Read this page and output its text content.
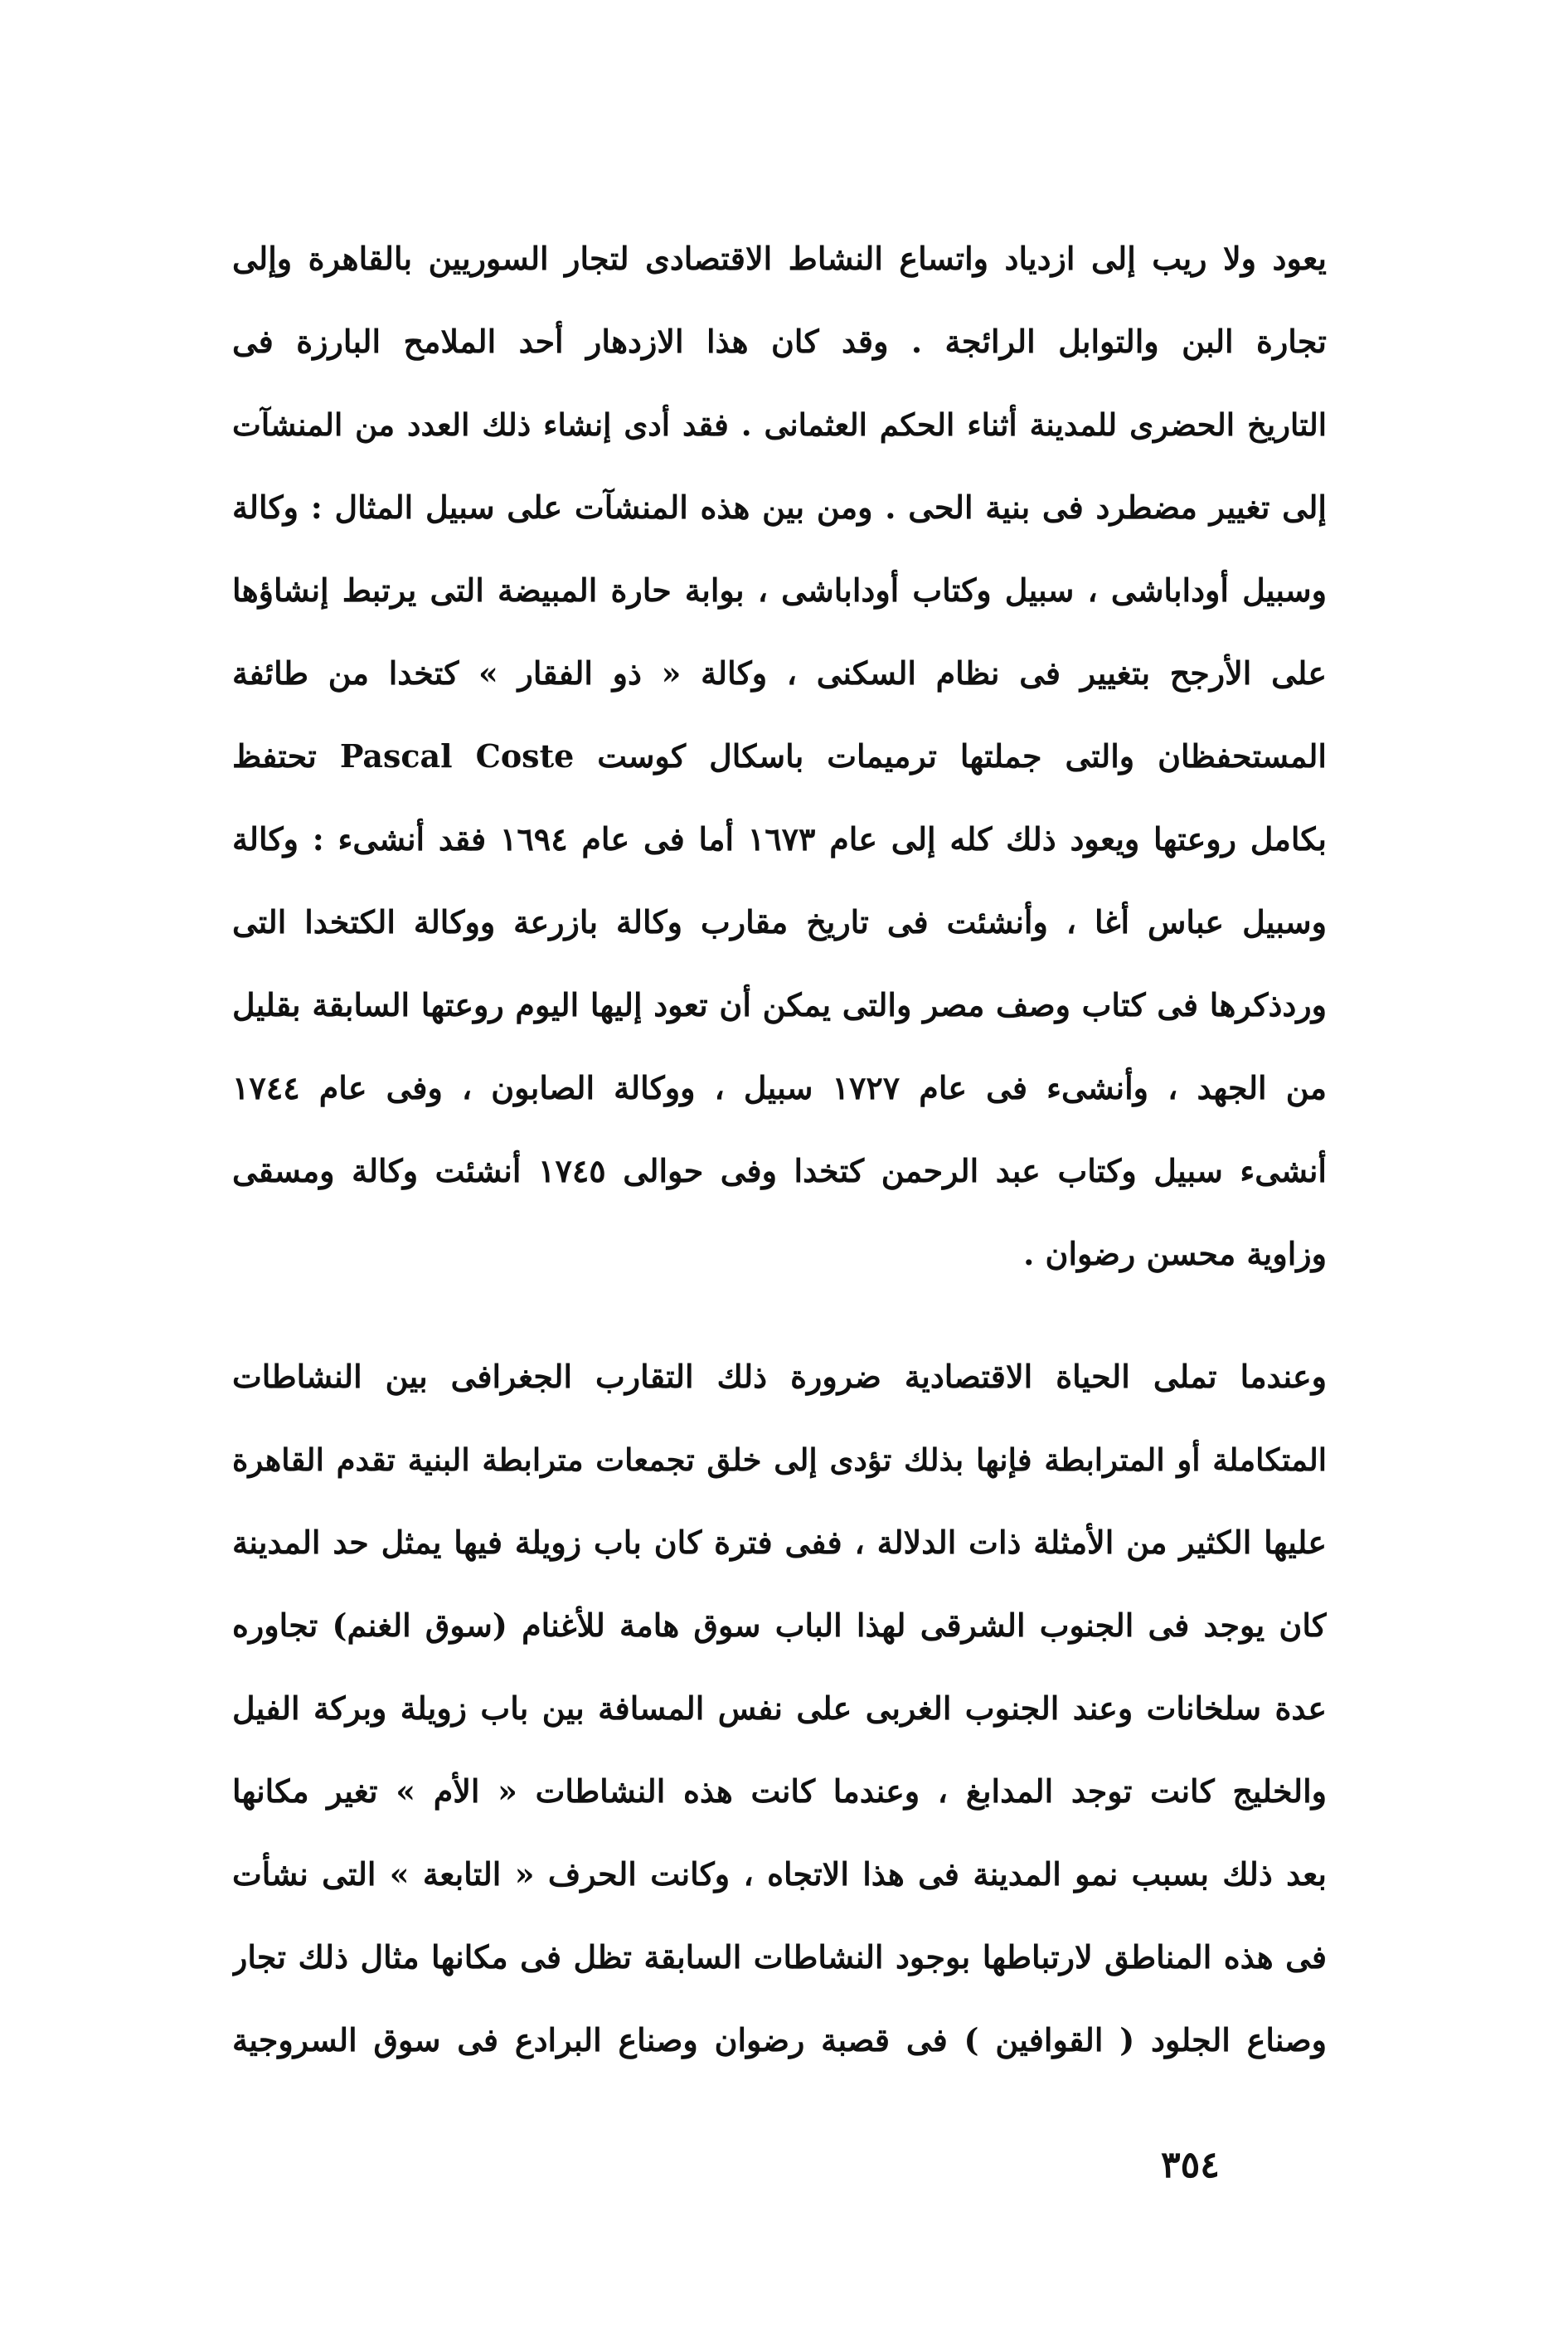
يعود ولا ريب إلى ازدياد واتساع النشاط الاقتصادى لتجار السوريين بالقاهرة وإلى
تجارة البن والتوابل الرائجة . وقد كان هذا الازدهار أحد الملامح البارزة فى
التاريخ الحضرى للمدينة أثناء الحكم العثمانى . فقد أدى إنشاء ذلك العدد من المنشآت
إلى تغيير مضطرد فى بنية الحى . ومن بين هذه المنشآت على سبيل المثال : وكالة
وسبيل أوداباشى ، سبيل وكتاب أوداباشى ، بوابة حارة المبيضة التى يرتبط إنشاؤها
على الأرجح بتغيير فى نظام السكنى ، وكالة « ذو الفقار » كتخدا من طائفة
المستحفظان والتى جملتها ترميمات باسكال كوست Pascal Coste تحتفظ
بكامل روعتها ويعود ذلك كله إلى عام ١٦٧٣ أما فى عام ١٦٩٤ فقد أنشىء : وكالة
وسبيل عباس أغا ، وأنشئت فى تاريخ مقارب وكالة بازرعة ووكالة الكتخدا التى
وردذكرها فى كتاب وصف مصر والتى يمكن أن تعود إليها اليوم روعتها السابقة بقليل
من الجهد ، وأنشىء فى عام ١٧٢٧ سبيل ، ووكالة الصابون ، وفى عام ١٧٤٤
أنشىء سبيل وكتاب عبد الرحمن كتخدا وفى حوالى ١٧٤٥ أنشئت وكالة ومسقى
وزاوية محسن رضوان .
وعندما تملى الحياة الاقتصادية ضرورة ذلك التقارب الجغرافى بين النشاطات
المتكاملة أو المترابطة فإنها بذلك تؤدى إلى خلق تجمعات مترابطة البنية تقدم القاهرة
عليها الكثير من الأمثلة ذات الدلالة ، ففى فترة كان باب زويلة فيها يمثل حد المدينة
كان يوجد فى الجنوب الشرقى لهذا الباب سوق هامة للأغنام (سوق الغنم) تجاوره
عدة سلخانات وعند الجنوب الغربى على نفس المسافة بين باب زويلة وبركة الفيل
والخليج كانت توجد المدابغ ، وعندما كانت هذه النشاطات « الأم » تغير مكانها
بعد ذلك بسبب نمو المدينة فى هذا الاتجاه ، وكانت الحرف « التابعة » التى نشأت
فى هذه المناطق لارتباطها بوجود النشاطات السابقة تظل فى مكانها مثال ذلك تجار
وصناع الجلود ( القوافين ) فى قصبة رضوان وصناع البرادع فى سوق السروجية
٣٥٤
